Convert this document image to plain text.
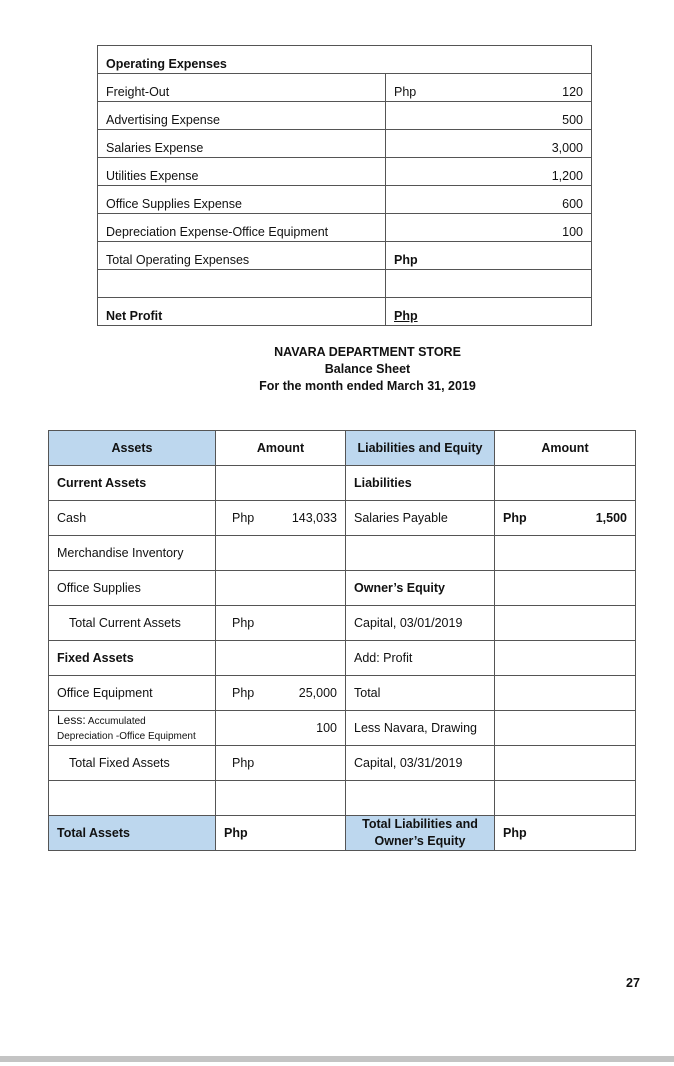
Operating Expenses	
Freight-Out	Php 120

Advertising Expense	500

Salaries Expense	3,000

Utilities Expense	1,200

Office Supplies Expense	600

Depreciation Expense-Office Equipment	100

Total Operating Expenses	Php

Net Profit	Php
NAVARA DEPARTMENT STORE
Balance Sheet
For the month ended March 31, 2019
Assets	Amount	Liabilities and Equity	Amount
Current Assets		Liabilities	
Cash	Php 143,033	Salaries Payable	Php 1,500

Merchandise Inventory			
Office Supplies		Owner’s Equity	
Total Current Assets	Php	Capital, 03/01/2019	
Fixed Assets		Add: Profit	
Office Equipment	Php 25,000	Total	
Less: Accumulated
Depreciation -Office Equipment	100	Less Navara, Drawing	
Total Fixed Assets	Php	Capital, 03/31/2019	

Total Assets	Php	Total Liabilities and
Owner’s Equity	Php
27
